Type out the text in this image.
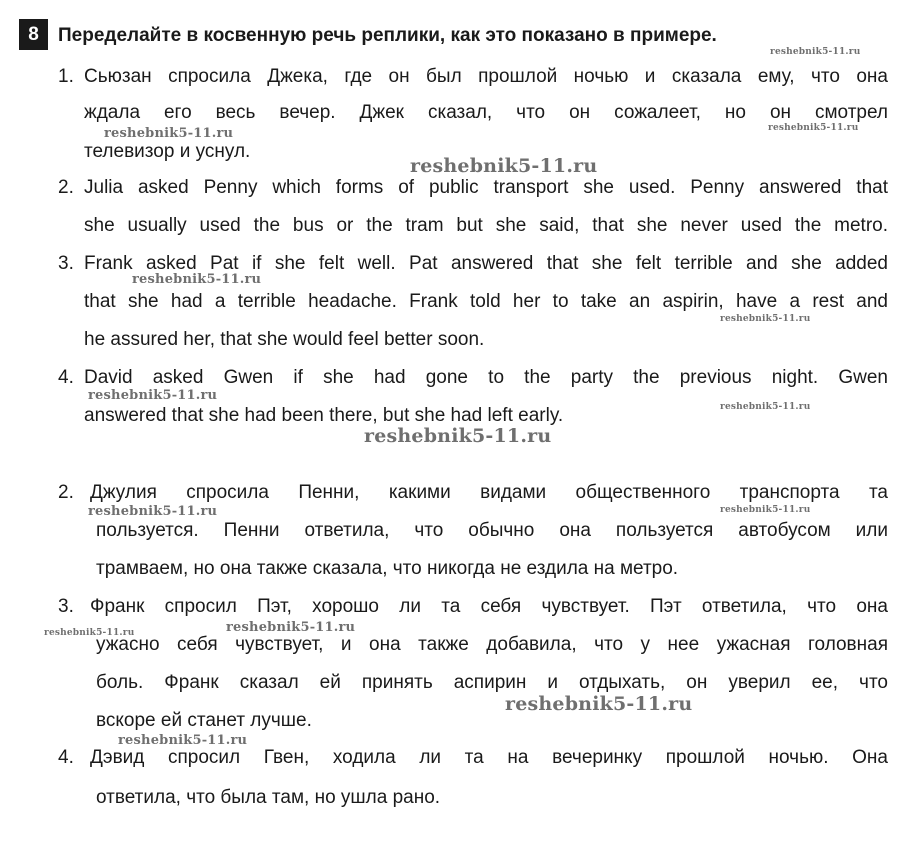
8	Переделайте в косвенную речь реплики, как это показано в примере.
1. Сьюзан спросила Джека, где он был прошлой ночью и сказала ему, что она
ждала его весь вечер. Джек сказал, что он сожалеет, но он смотрел
телевизор и уснул.
2. Julia asked Penny which forms of public transport she used. Penny answered that
she usually used the bus or the tram but she said, that she never used the metro.
3. Frank asked Pat if she felt well. Pat answered that she felt terrible and she added
that she had a terrible headache. Frank told her to take an aspirin, have a rest and
he assured her, that she would feel better soon.
4. David asked Gwen if she had gone to the party the previous night. Gwen
answered that she had been there, but she had left early.
2. Джулия спросила Пенни, какими видами общественного транспорта та
пользуется. Пенни ответила, что обычно она пользуется автобусом или
трамваем, но она также сказала, что никогда не ездила на метро.
3. Франк спросил Пэт, хорошо ли та себя чувствует. Пэт ответила, что она
ужасно себя чувствует, и она также добавила, что у нее ужасная головная
боль. Франк сказал ей принять аспирин и отдыхать, он уверил ее, что
вскоре ей станет лучше.
4. Дэвид спросил Гвен, ходила ли та на вечеринку прошлой ночью. Она
ответила, что была там, но ушла рано.
reshebnik5-11.ru
reshebnik5-11.ru
reshebnik5-11.ru
reshebnik5-11.ru
reshebnik5-11.ru
reshebnik5-11.ru
reshebnik5-11.ru
reshebnik5-11.ru
reshebnik5-11.ru
reshebnik5-11.ru	reshebnik5-11.ru
reshebnik5-11.ru	reshebnik5-11.ru
reshebnik5-11.ru
reshebnik5-11.ru
